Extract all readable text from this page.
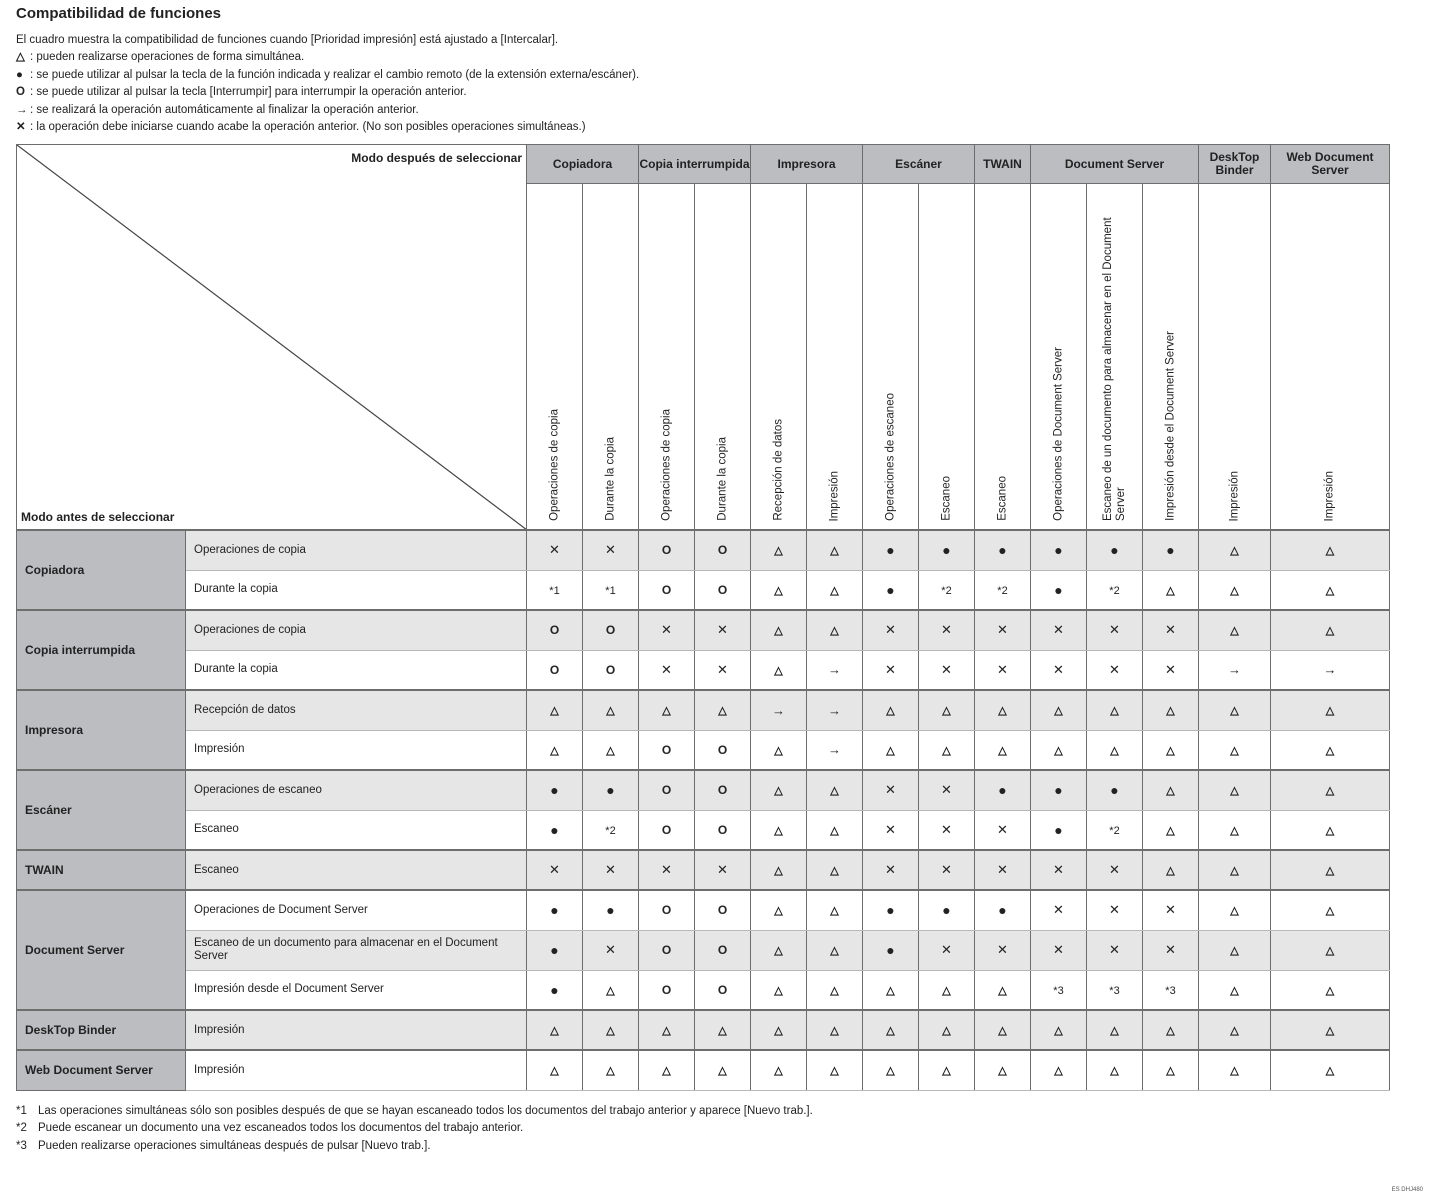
Compatibilidad de funciones
El cuadro muestra la compatibilidad de funciones cuando [Prioridad impresión] está ajustado a [Intercalar].
△ : pueden realizarse operaciones de forma simultánea.
● : se puede utilizar al pulsar la tecla de la función indicada y realizar el cambio remoto (de la extensión externa/escáner).
O : se puede utilizar al pulsar la tecla [Interrumpir] para interrumpir la operación anterior.
→ : se realizará la operación automáticamente al finalizar la operación anterior.
✕ : la operación debe iniciarse cuando acabe la operación anterior. (No son posibles operaciones simultáneas.)
Modo después de seleccionar
Modo antes de seleccionar		Copiadora		Copia interrumpida		Impresora		Escáner		TWAIN	Document Server			DeskTop Binder	Web Document Server

		Operaciones de copia	Durante la copia	Operaciones de copia	Durante la copia	Recepción de datos	Impresión	Operaciones de escaneo	Escaneo	Escaneo	Operaciones de Document Server	Escaneo de un documento para almacenar en el Document Server	Impresión desde el Document Server	Impresión	Impresión

Copiadora	Operaciones de copia	✕	✕	O	O	△	△	●	●	●	●	●	●	△	△
	Durante la copia	*1	*1	O	O	△	△	●	*2	*2	●	*2	△	△	△
Copia interrumpida	Operaciones de copia	O	O	✕	✕	△	△	✕	✕	✕	✕	✕	✕	△	△
	Durante la copia	O	O	✕	✕	△	→	✕	✕	✕	✕	✕	✕	→	→
Impresora	Recepción de datos	△	△	△	△	→	→	△	△	△	△	△	△	△	△
	Impresión	△	△	O	O	△	→	△	△	△	△	△	△	△	△
Escáner	Operaciones de escaneo	●	●	O	O	△	△	✕	✕	●	●	●	△	△	△
	Escaneo	●	*2	O	O	△	△	✕	✕	✕	●	*2	△	△	△
TWAIN	Escaneo	✕	✕	✕	✕	△	△	✕	✕	✕	✕	✕	△	△	△
Document Server	Operaciones de Document Server	●	●	O	O	△	△	●	●	●	✕	✕	✕	△	△
	Escaneo de un documento para almacenar en el Document Server	●	✕	O	O	△	△	●	✕	✕	✕	✕	✕	△	△
	Impresión desde el Document Server	●	△	O	O	△	△	△	△	△	*3	*3	*3	△	△
DeskTop Binder	Impresión	△	△	△	△	△	△	△	△	△	△	△	△	△	△
Web Document Server	Impresión	△	△	△	△	△	△	△	△	△	△	△	△	△	△
*1 Las operaciones simultáneas sólo son posibles después de que se hayan escaneado todos los documentos del trabajo anterior y aparece [Nuevo trab.].
*2 Puede escanear un documento una vez escaneados todos los documentos del trabajo anterior.
*3 Pueden realizarse operaciones simultáneas después de pulsar [Nuevo trab.].
ES DHJ480
